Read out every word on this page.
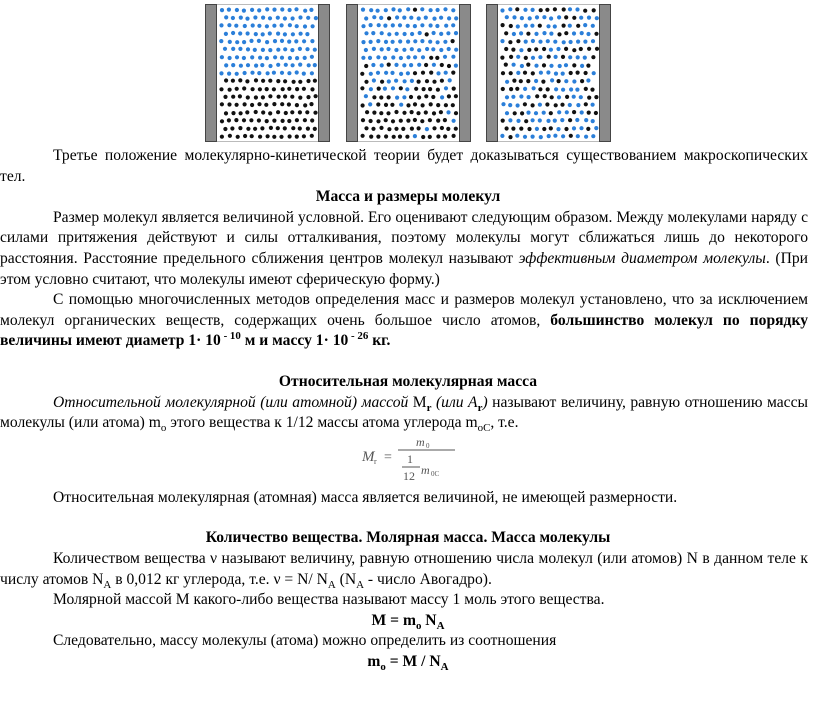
Третье положение молекулярно-кинетической теории будет доказываться существованием макроскопических тел.

Масса и размеры молекул

Размер молекул является величиной условной. Его оценивают следующим образом. Между молекулами наряду с силами притяжения действуют и силы отталкивания, поэтому молекулы могут сближаться лишь до некоторого расстояния. Расстояние предельного сближения центров молекул называют эффективным диаметром молекулы. (При этом условно считают, что молекулы имеют сферическую форму.)

С помощью многочисленных методов определения масс и размеров молекул установлено, что за исключением молекул органических веществ, содержащих очень большое число атомов, большинство молекул по порядку величины имеют диаметр 1· 10 $^{- 10}$ м и массу 1· 10 $^{- 26}$ кг.

Относительная молекулярная масса

Относительной молекулярной (или атомной) массой $M_r$ (или $A_r$) называют величину, равную отношению массы молекулы (или атома) $m_o$ этого вещества к 1/12 массы атома углерода $m_{oC}$, т.е.

M r =
m 0
1
12 m 0C

Относительная молекулярная (атомная) масса является величиной, не имеющей размерности.

Количество вещества. Молярная масса. Масса молекулы

Количеством вещества ν называют величину, равную отношению числа молекул (или атомов) N в данном теле к числу атомов $N_A$ в 0,012 кг углерода, т.е. ν = N/ $N_A$ ($N_A$ - число Авогадро).

Молярной массой М какого-либо вещества называют массу 1 моль этого вещества.

$M = m_o$ $N_A$

Следовательно, массу молекулы (атома) можно определить из соотношения

$m_o = M / N_A$
